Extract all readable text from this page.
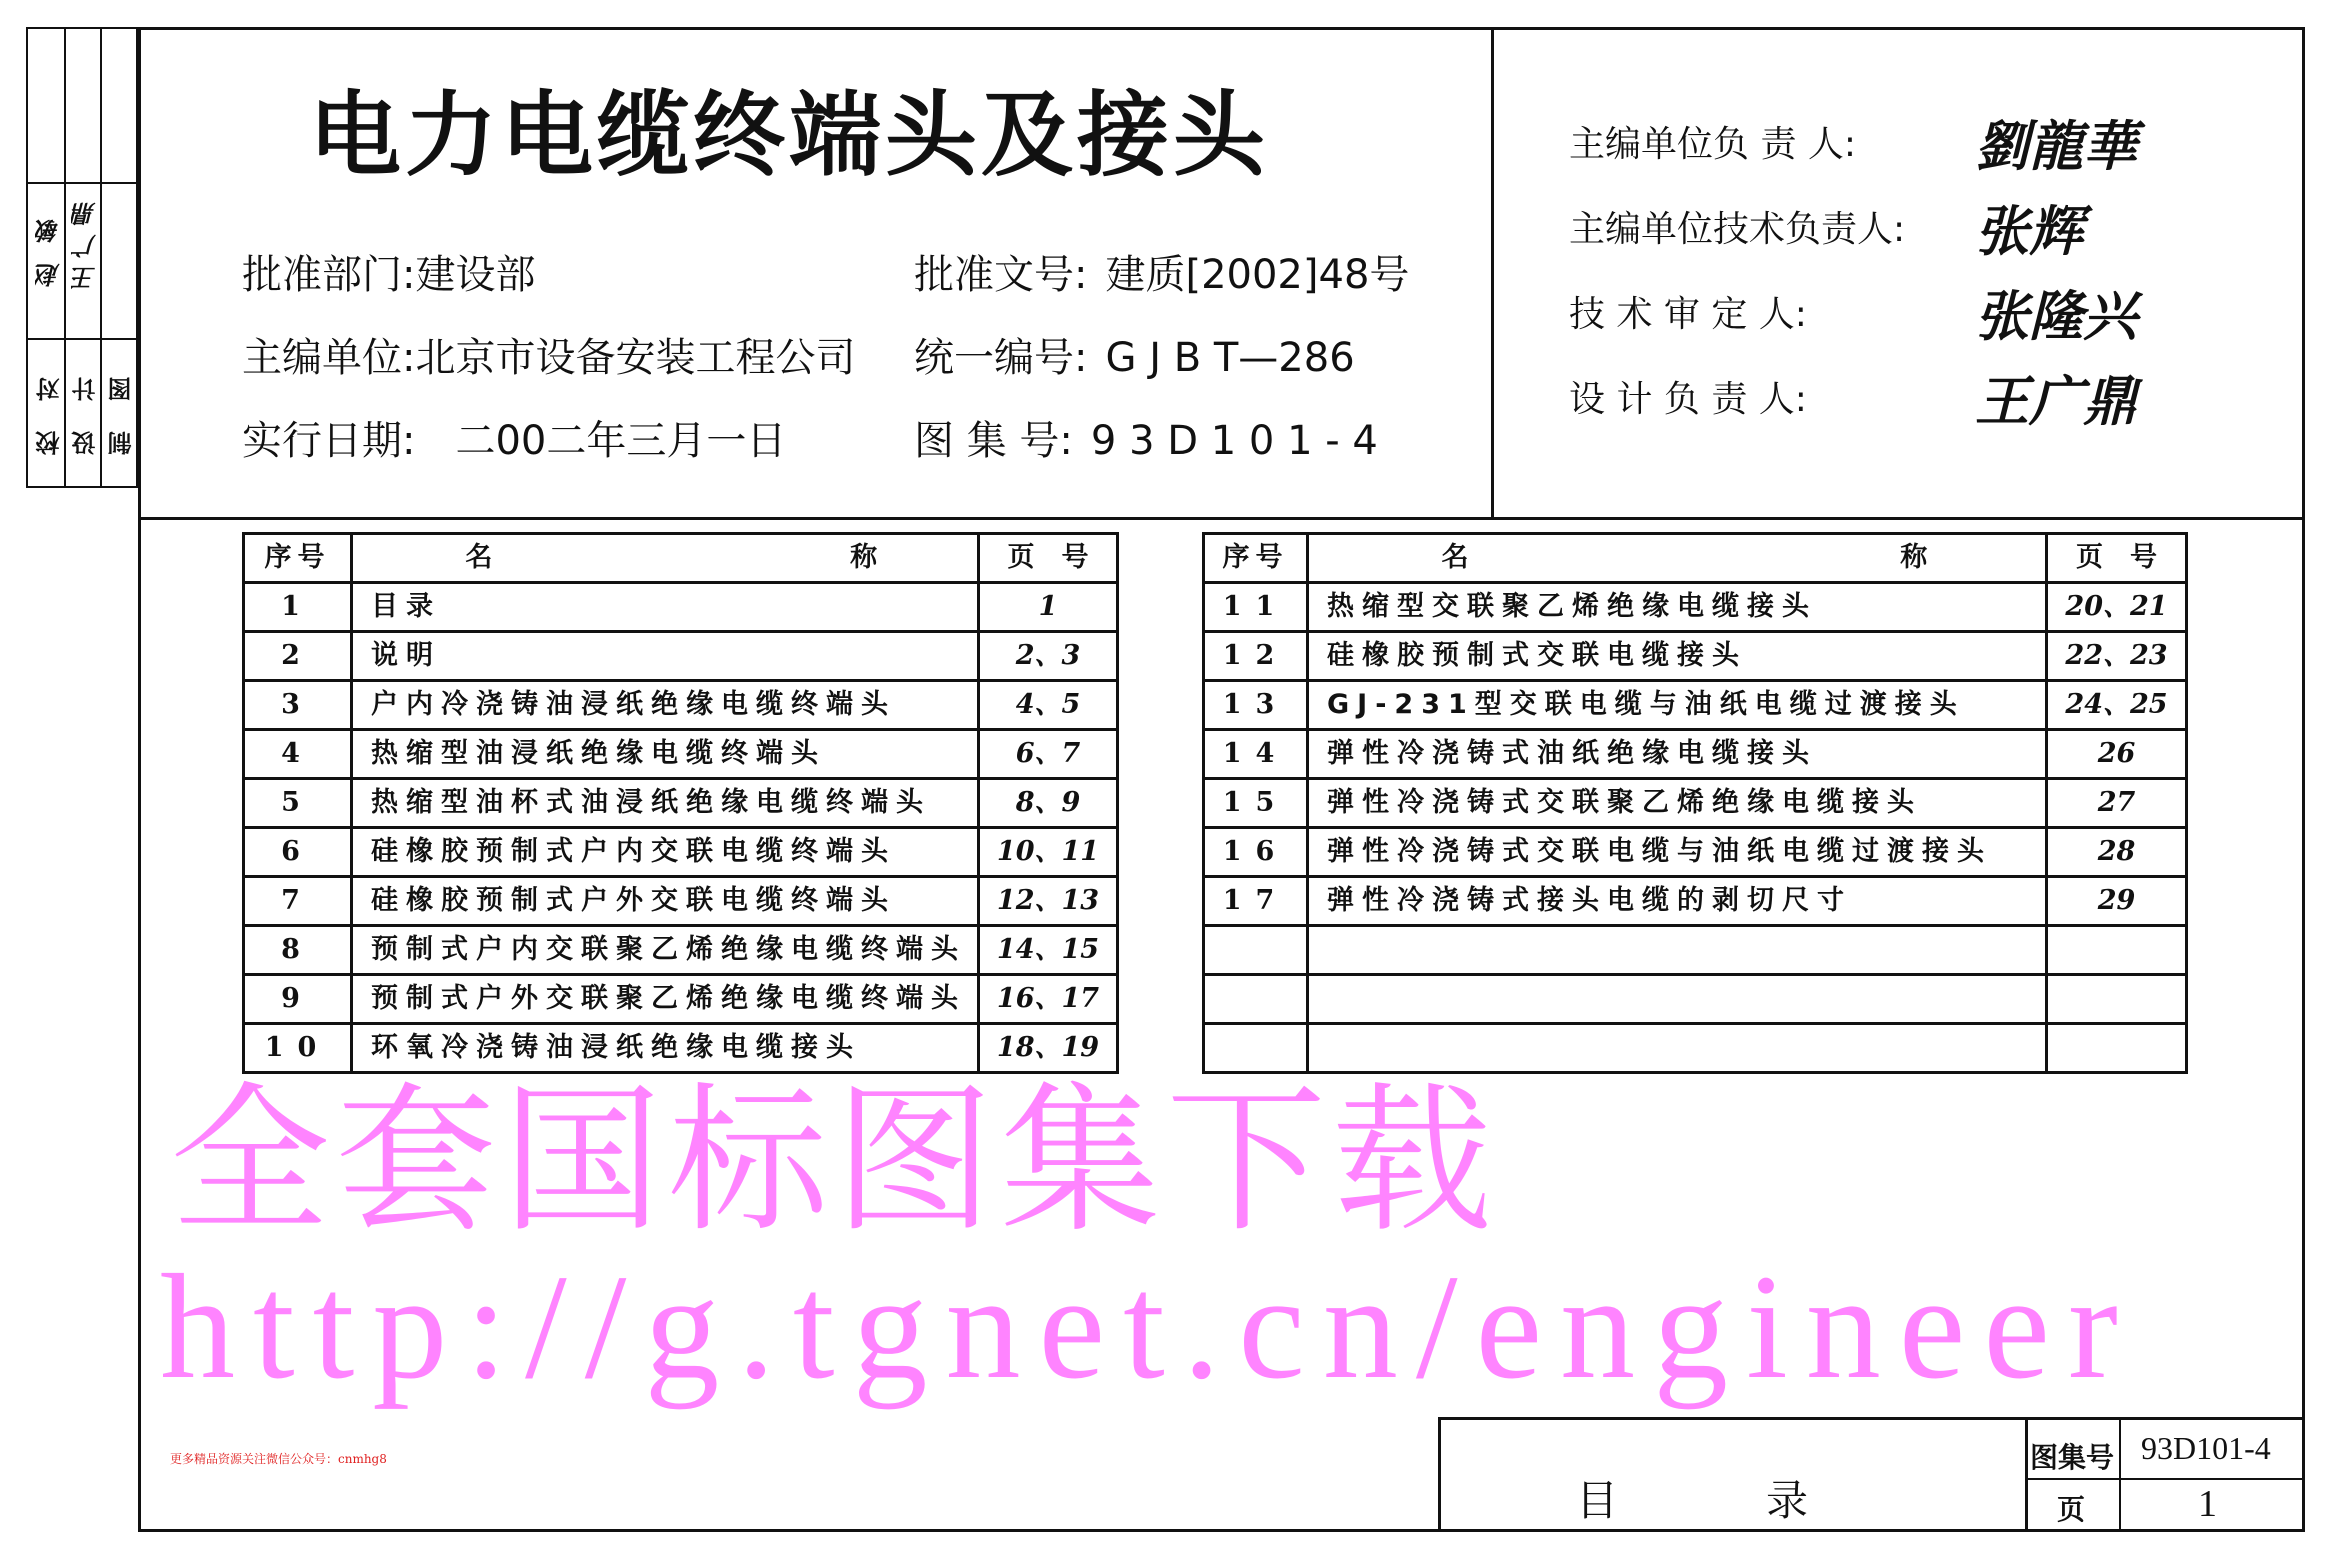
校对 设计 制图
赵敏 王广鼎
电力电缆终端头及接头
批准部门:建设部
主编单位:北京市设备安装工程公司
实行日期: 二00二年三月一日
批准文号: 建质[2002]48号
统一编号: G J B T—286
图 集 号: 9 3 D 1 0 1 - 4
主编单位负 责 人: 劉龍華
主编单位技术负责人: 张辉
技 术 审 定 人:	张隆兴
设 计 负 责 人:	王广鼎
序号	名 称	页　号
1	目录	1
2	说明	2、3
3	户内冷浇铸油浸纸绝缘电缆终端头	4、5
4	热缩型油浸纸绝缘电缆终端头	6、7
5	热缩型油杯式油浸纸绝缘电缆终端头	8、9
6	硅橡胶预制式户内交联电缆终端头	10、11
7	硅橡胶预制式户外交联电缆终端头	12、13
8	预制式户内交联聚乙烯绝缘电缆终端头	14、15
9	预制式户外交联聚乙烯绝缘电缆终端头	16、17
10	环氧冷浇铸油浸纸绝缘电缆接头	18、19
序号	名 称	页　号
11	热缩型交联聚乙烯绝缘电缆接头	20、21
12	硅橡胶预制式交联电缆接头	22、23
13	GJ-231型交联电缆与油纸电缆过渡接头	24、25
14	弹性冷浇铸式油纸绝缘电缆接头	26
15	弹性冷浇铸式交联聚乙烯绝缘电缆接头	27
16	弹性冷浇铸式交联电缆与油纸电缆过渡接头	28
17	弹性冷浇铸式接头电缆的剥切尺寸	29

目	录
图集号 93D101-4
页	1
全套国标图集下载
http://g.tgnet.cn/engineer
更多精品资源关注微信公众号：cnmhg8
